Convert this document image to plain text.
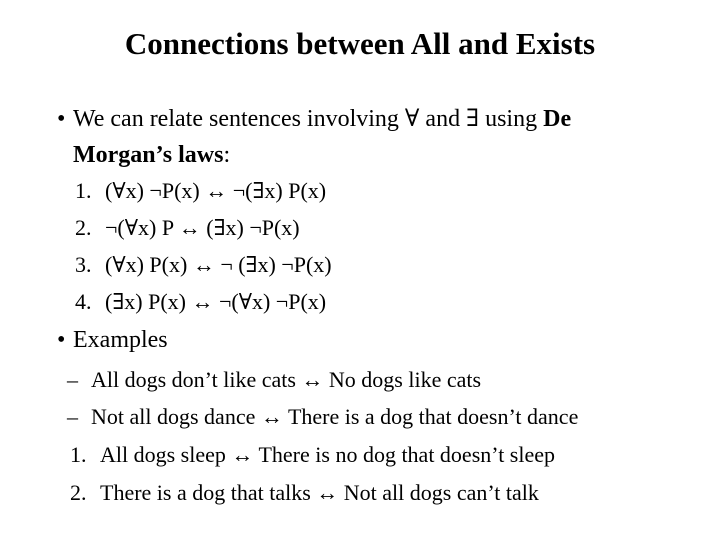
Connections between All and Exists
• We can relate sentences involving ∀ and ∃ using De
Morgan’s laws:
1. (∀x) ¬P(x) ↔ ¬(∃x) P(x)
2. ¬(∀x) P ↔ (∃x) ¬P(x)
3. (∀x) P(x) ↔ ¬ (∃x) ¬P(x)
4. (∃x) P(x) ↔ ¬(∀x) ¬P(x)
• Examples
– All dogs don’t like cats ↔ No dogs like cats
– Not all dogs dance ↔ There is a dog that doesn’t dance
1. All dogs sleep ↔ There is no dog that doesn’t sleep
2. There is a dog that talks ↔ Not all dogs can’t talk
